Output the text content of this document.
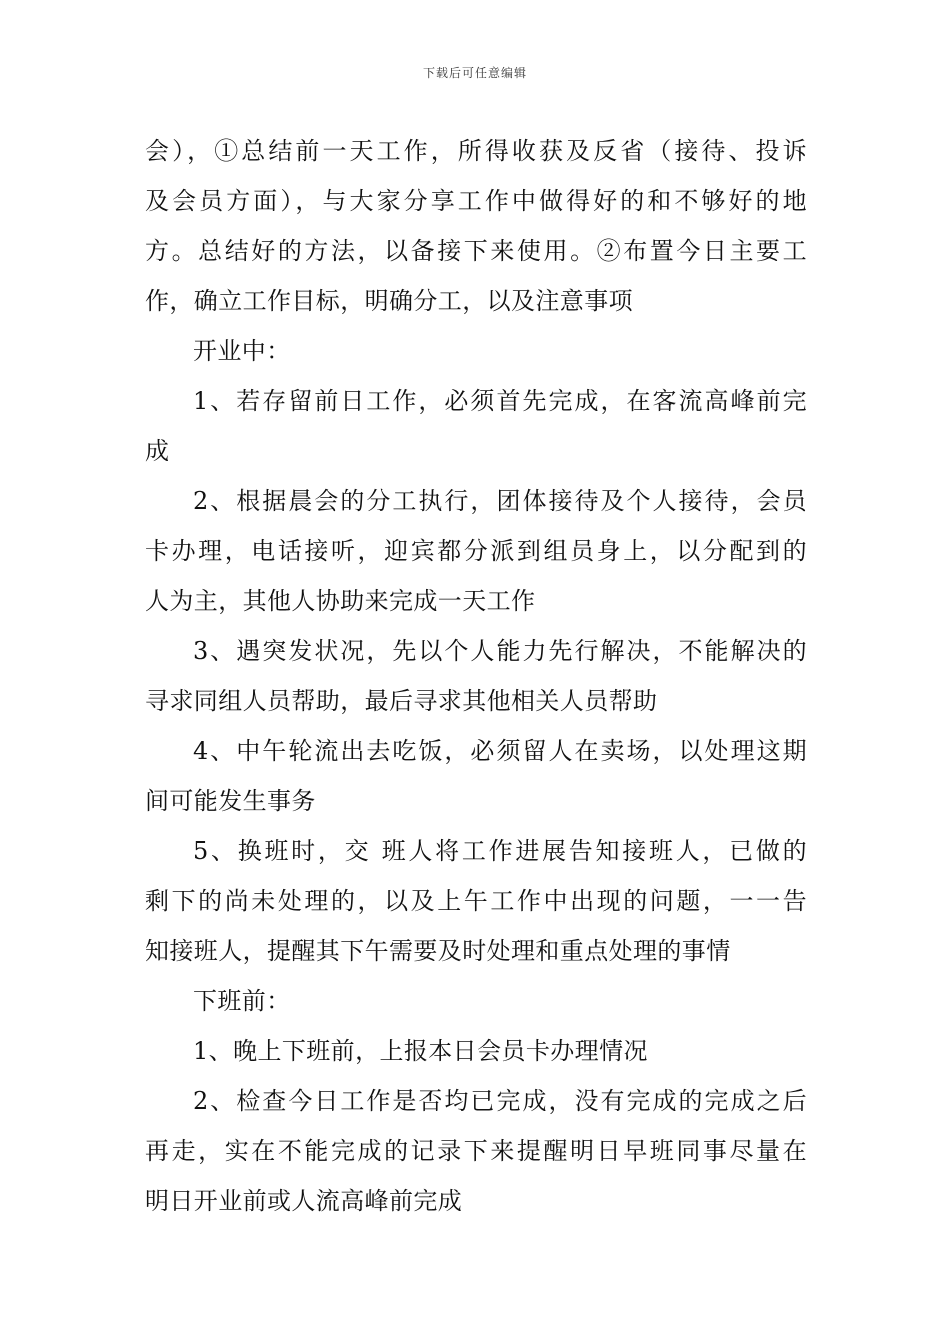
下载后可任意编辑
会），①总结前一天工作，所得收获及反省（接待、投诉
及会员方面），与大家分享工作中做得好的和不够好的地
方。总结好的方法，以备接下来使用。②布置今日主要工
作，确立工作目标，明确分工，以及注意事项
开业中：
1、若存留前日工作，必须首先完成，在客流高峰前完
成
2、根据晨会的分工执行，团体接待及个人接待，会员
卡办理，电话接听，迎宾都分派到组员身上，以分配到的
人为主，其他人协助来完成一天工作
3、遇突发状况，先以个人能力先行解决，不能解决的
寻求同组人员帮助，最后寻求其他相关人员帮助
4、中午轮流出去吃饭，必须留人在卖场，以处理这期
间可能发生事务
5、换班时，交 班人将工作进展告知接班人，已做的
剩下的尚未处理的，以及上午工作中出现的问题，一一告
知接班人，提醒其下午需要及时处理和重点处理的事情
下班前：
1、晚上下班前，上报本日会员卡办理情况
2、检查今日工作是否均已完成，没有完成的完成之后
再走，实在不能完成的记录下来提醒明日早班同事尽量在
明日开业前或人流高峰前完成
